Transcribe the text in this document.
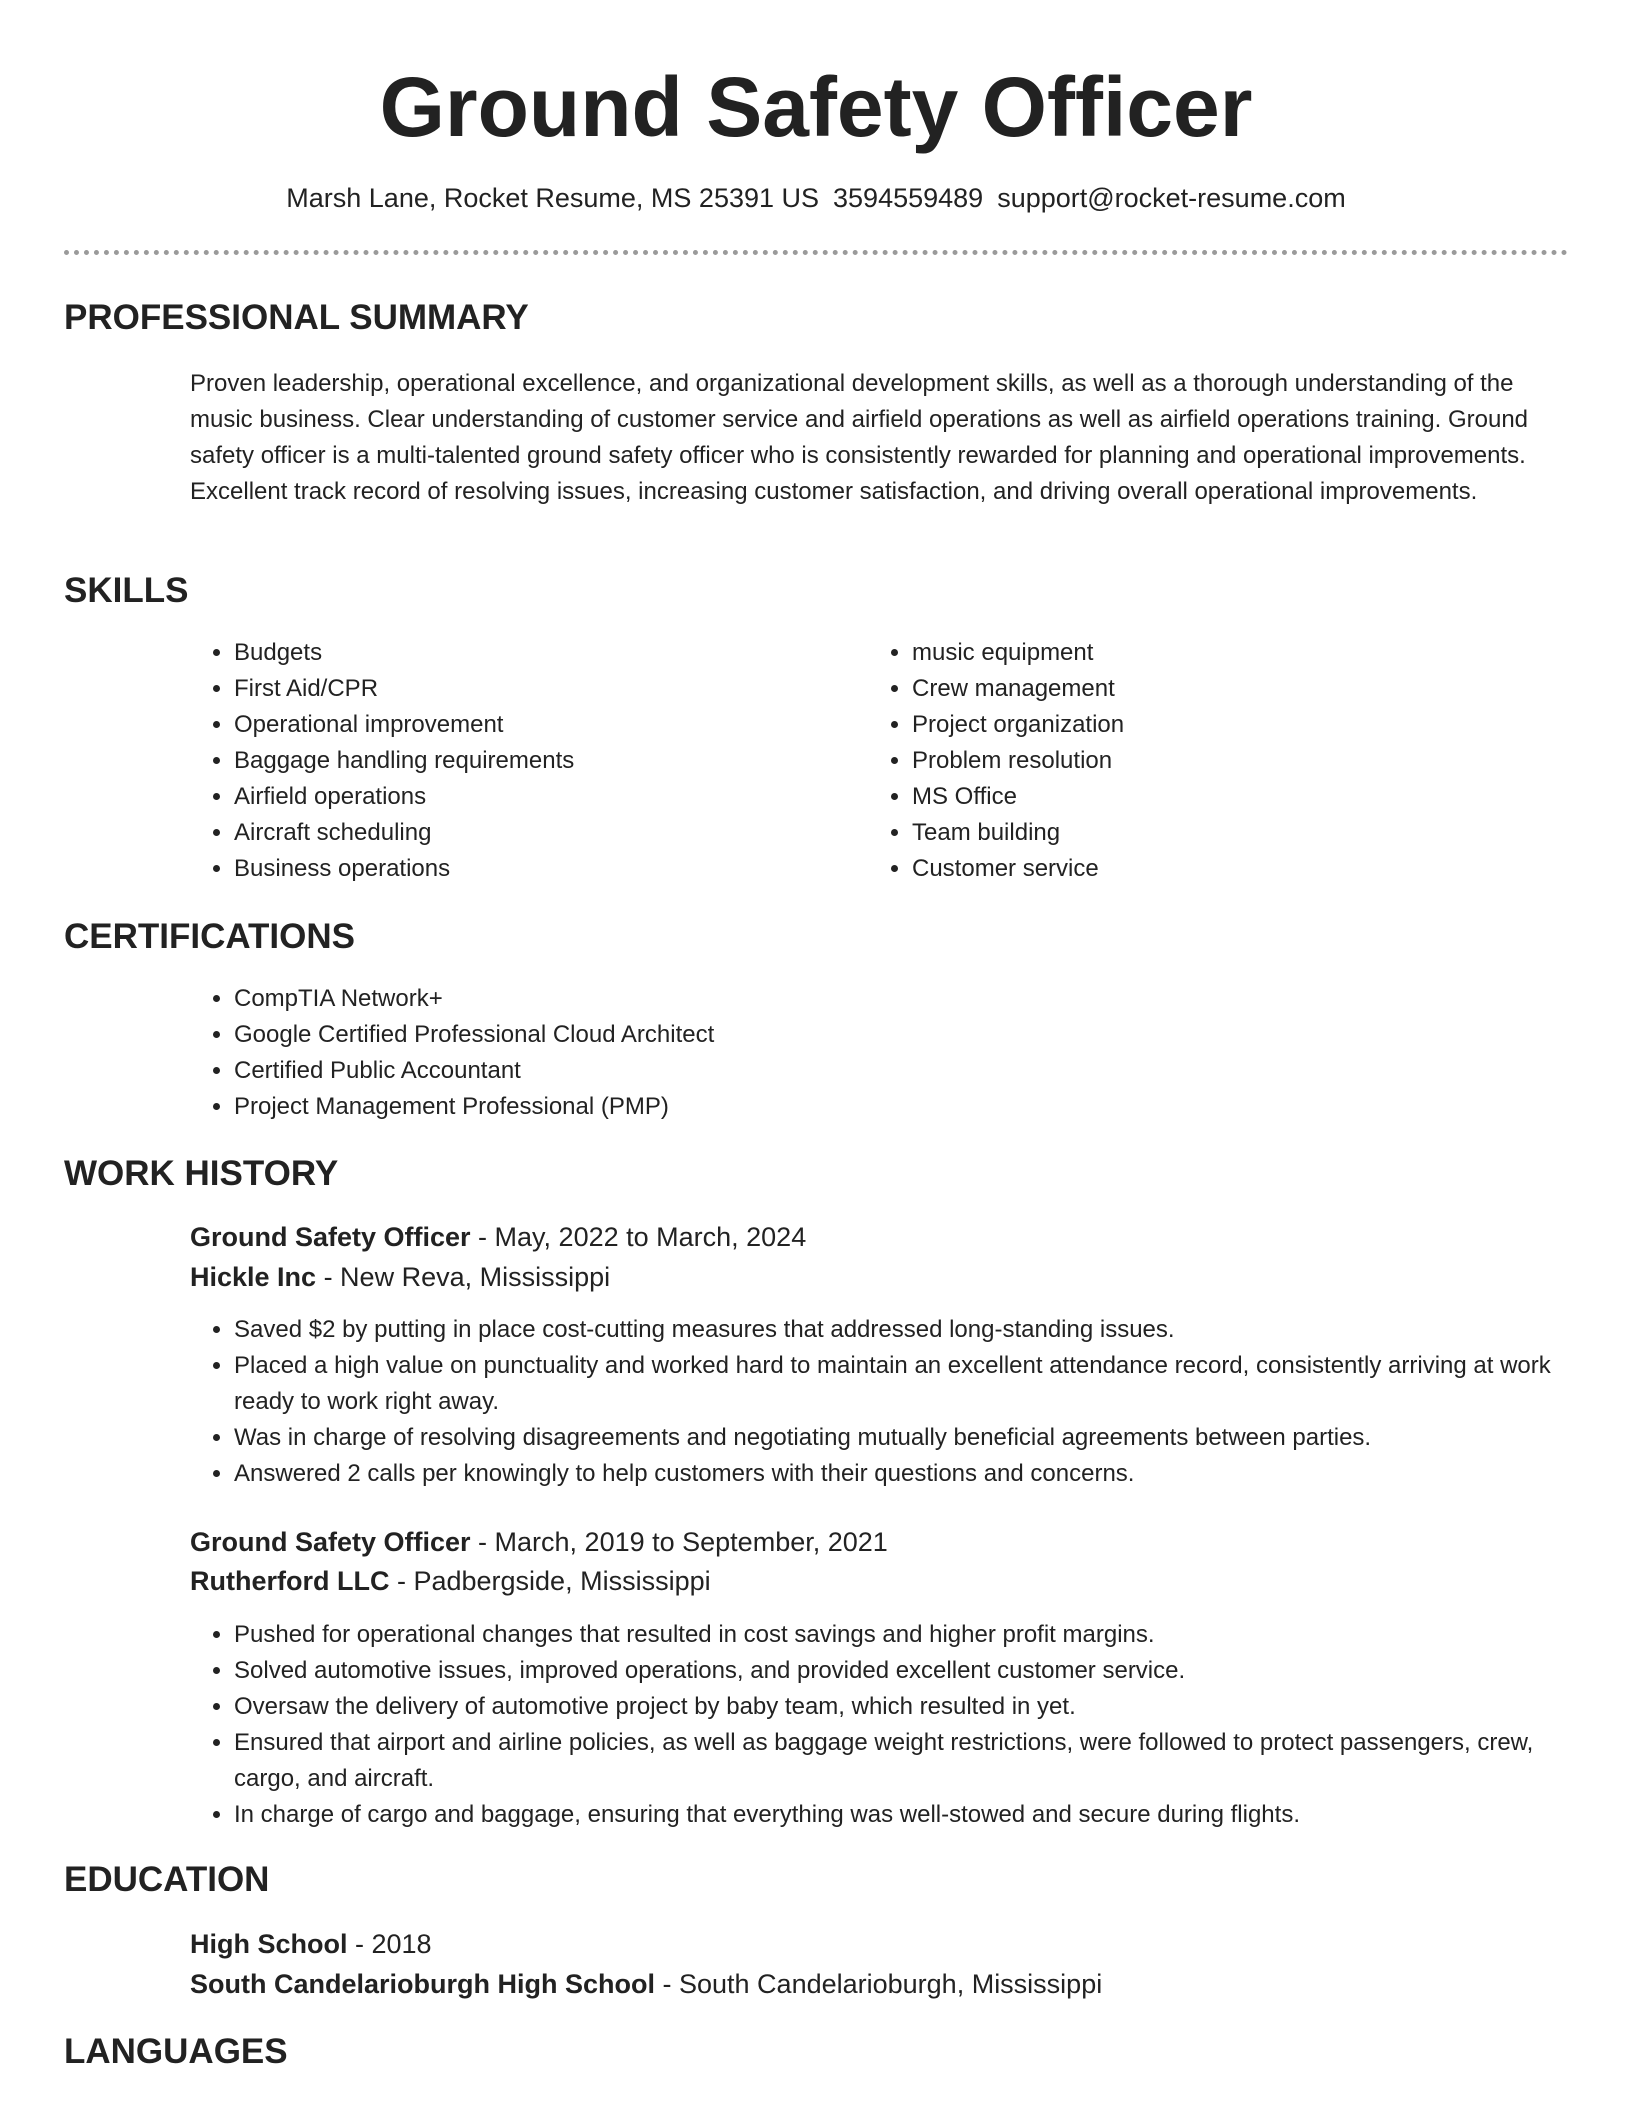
Ground Safety Officer
Marsh Lane, Rocket Resume, MS 25391 US 3594559489 support@rocket-resume.com
PROFESSIONAL SUMMARY

Proven leadership, operational excellence, and organizational development skills, as well as a thorough understanding of the music business. Clear understanding of customer service and airfield operations as well as airfield operations training. Ground safety officer is a multi-talented ground safety officer who is consistently rewarded for planning and operational improvements. Excellent track record of resolving issues, increasing customer satisfaction, and driving overall operational improvements.

SKILLS
• Budgets
• First Aid/CPR
• Operational improvement
• Baggage handling requirements
• Airfield operations
• Aircraft scheduling
• Business operations
• music equipment
• Crew management
• Project organization
• Problem resolution
• MS Office
• Team building
• Customer service
CERTIFICATIONS
• CompTIA Network+
• Google Certified Professional Cloud Architect
• Certified Public Accountant
• Project Management Professional (PMP)
WORK HISTORY
Ground Safety Officer - May, 2022 to March, 2024
Hickle Inc - New Reva, Mississippi
• Saved $2 by putting in place cost-cutting measures that addressed long-standing issues.
• Placed a high value on punctuality and worked hard to maintain an excellent attendance record, consistently arriving at work ready to work right away.
• Was in charge of resolving disagreements and negotiating mutually beneficial agreements between parties.
• Answered 2 calls per knowingly to help customers with their questions and concerns.
Ground Safety Officer - March, 2019 to September, 2021
Rutherford LLC - Padbergside, Mississippi
• Pushed for operational changes that resulted in cost savings and higher profit margins.
• Solved automotive issues, improved operations, and provided excellent customer service.
• Oversaw the delivery of automotive project by baby team, which resulted in yet.
• Ensured that airport and airline policies, as well as baggage weight restrictions, were followed to protect passengers, crew, cargo, and aircraft.
• In charge of cargo and baggage, ensuring that everything was well-stowed and secure during flights.
EDUCATION
High School - 2018
South Candelarioburgh High School - South Candelarioburgh, Mississippi
LANGUAGES
